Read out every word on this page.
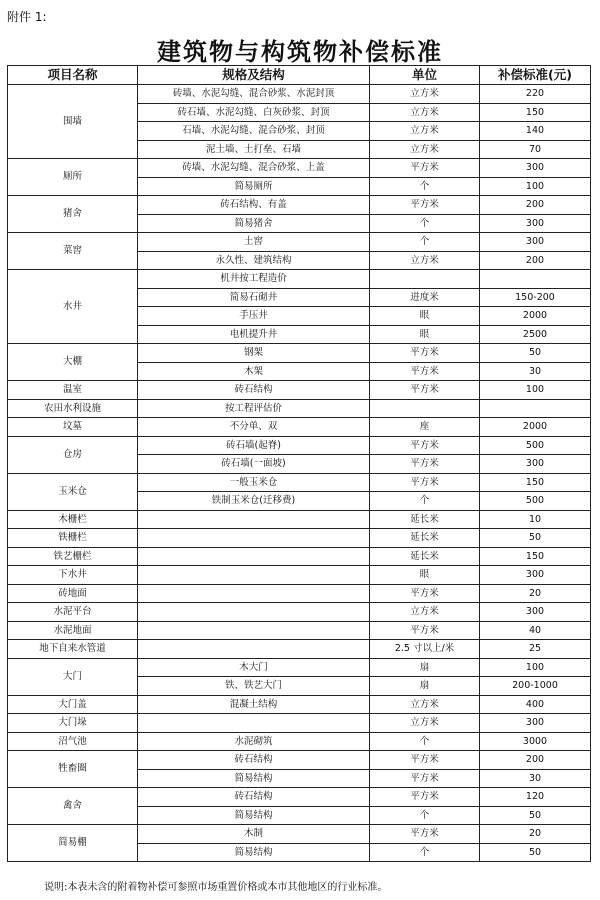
附件 1:
建筑物与构筑物补偿标准
项目名称	规格及结构	单位	补偿标准(元)
围墙	砖墙、水泥勾缝、混合砂浆、水泥封顶	立方米	220
	砖石墙、水泥勾缝、白灰砂浆、封顶	立方米	150
	石墙、水泥勾缝、混合砂浆、封顶	立方米	140
	泥土墙、土打垒、石墙	立方米	70
厕所	砖墙、水泥勾缝、混合砂浆、上盖	平方米	300
	简易厕所	个	100
猪舍	砖石结构、有盖	平方米	200
	简易猪舍	个	300
菜窖	土窖	个	300
	永久性、建筑结构	立方米	200
水井	机井按工程造价		
	简易石砌井	进度米	150-200
	手压井	眼	2000
	电机提升井	眼	2500
大棚	钢架	平方米	50
	木架	平方米	30
温室	砖石结构	平方米	100
农田水利设施	按工程评估价		
坟墓	不分单、双	座	2000
仓房	砖石墙(起脊)	平方米	500
	砖石墙(一面坡)	平方米	300
玉米仓	一般玉米仓	平方米	150
	铁制玉米仓(迁移费)	个	500
木栅栏		延长米	10
铁栅栏		延长米	50
铁艺栅栏		延长米	150
下水井		眼	300
砖地面		平方米	20
水泥平台		立方米	300
水泥地面		平方米	40
地下自来水管道		2.5 寸以上/米	25
大门	木大门	扇	100
	铁、铁艺大门	扇	200-1000
大门盖	混凝土结构	立方米	400
大门垛		立方米	300
沼气池	水泥砌筑	个	3000
牲畜圈	砖石结构	平方米	200
	简易结构	平方米	30
禽舍	砖石结构	平方米	120
	简易结构	个	50
简易棚	木制	平方米	20
	简易结构	个	50
说明:本表未含的附着物补偿可参照市场重置价格或本市其他地区的行业标准。
